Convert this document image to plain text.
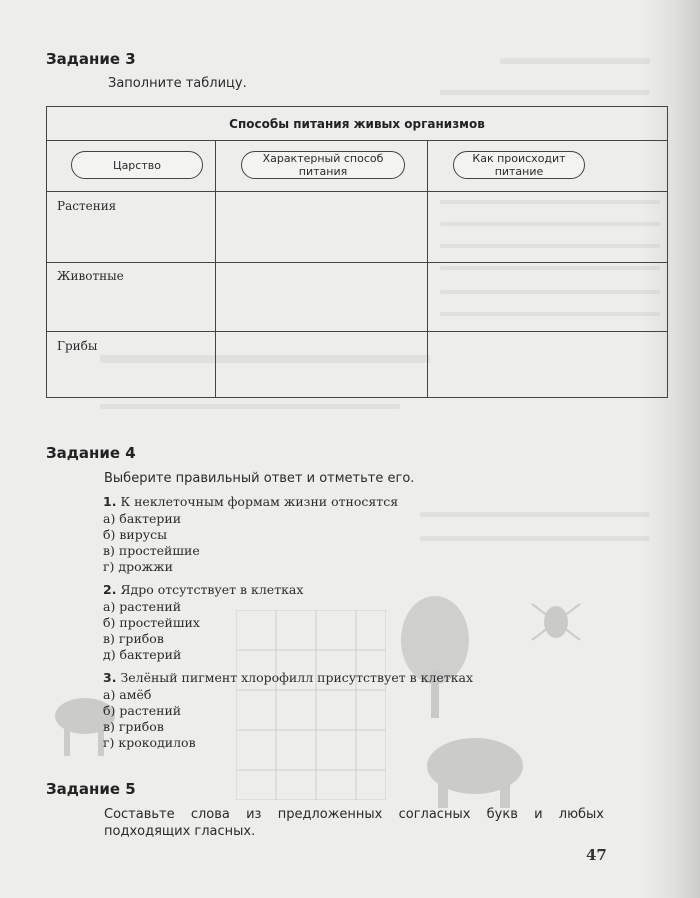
Задание 3
Заполните таблицу.
Способы питания живых организмов
Царство	Характерный способ питания
Как происходит питание
Растения
Животные
Грибы
Задание 4
Выберите правильный ответ и отметьте его.
1. К неклеточным формам жизни относятся
а) бактерии
б) вирусы
в) простейшие
г) дрожжи
2. Ядро отсутствует в клетках
а) растений
б) простейших
в) грибов
д) бактерий
3. Зелёный пигмент хлорофилл присутствует в клетках
а) амёб
б) растений
в) грибов
г) крокодилов
Задание 5
Составьте слова из предложенных согласных букв и любых подходящих гласных.
47
